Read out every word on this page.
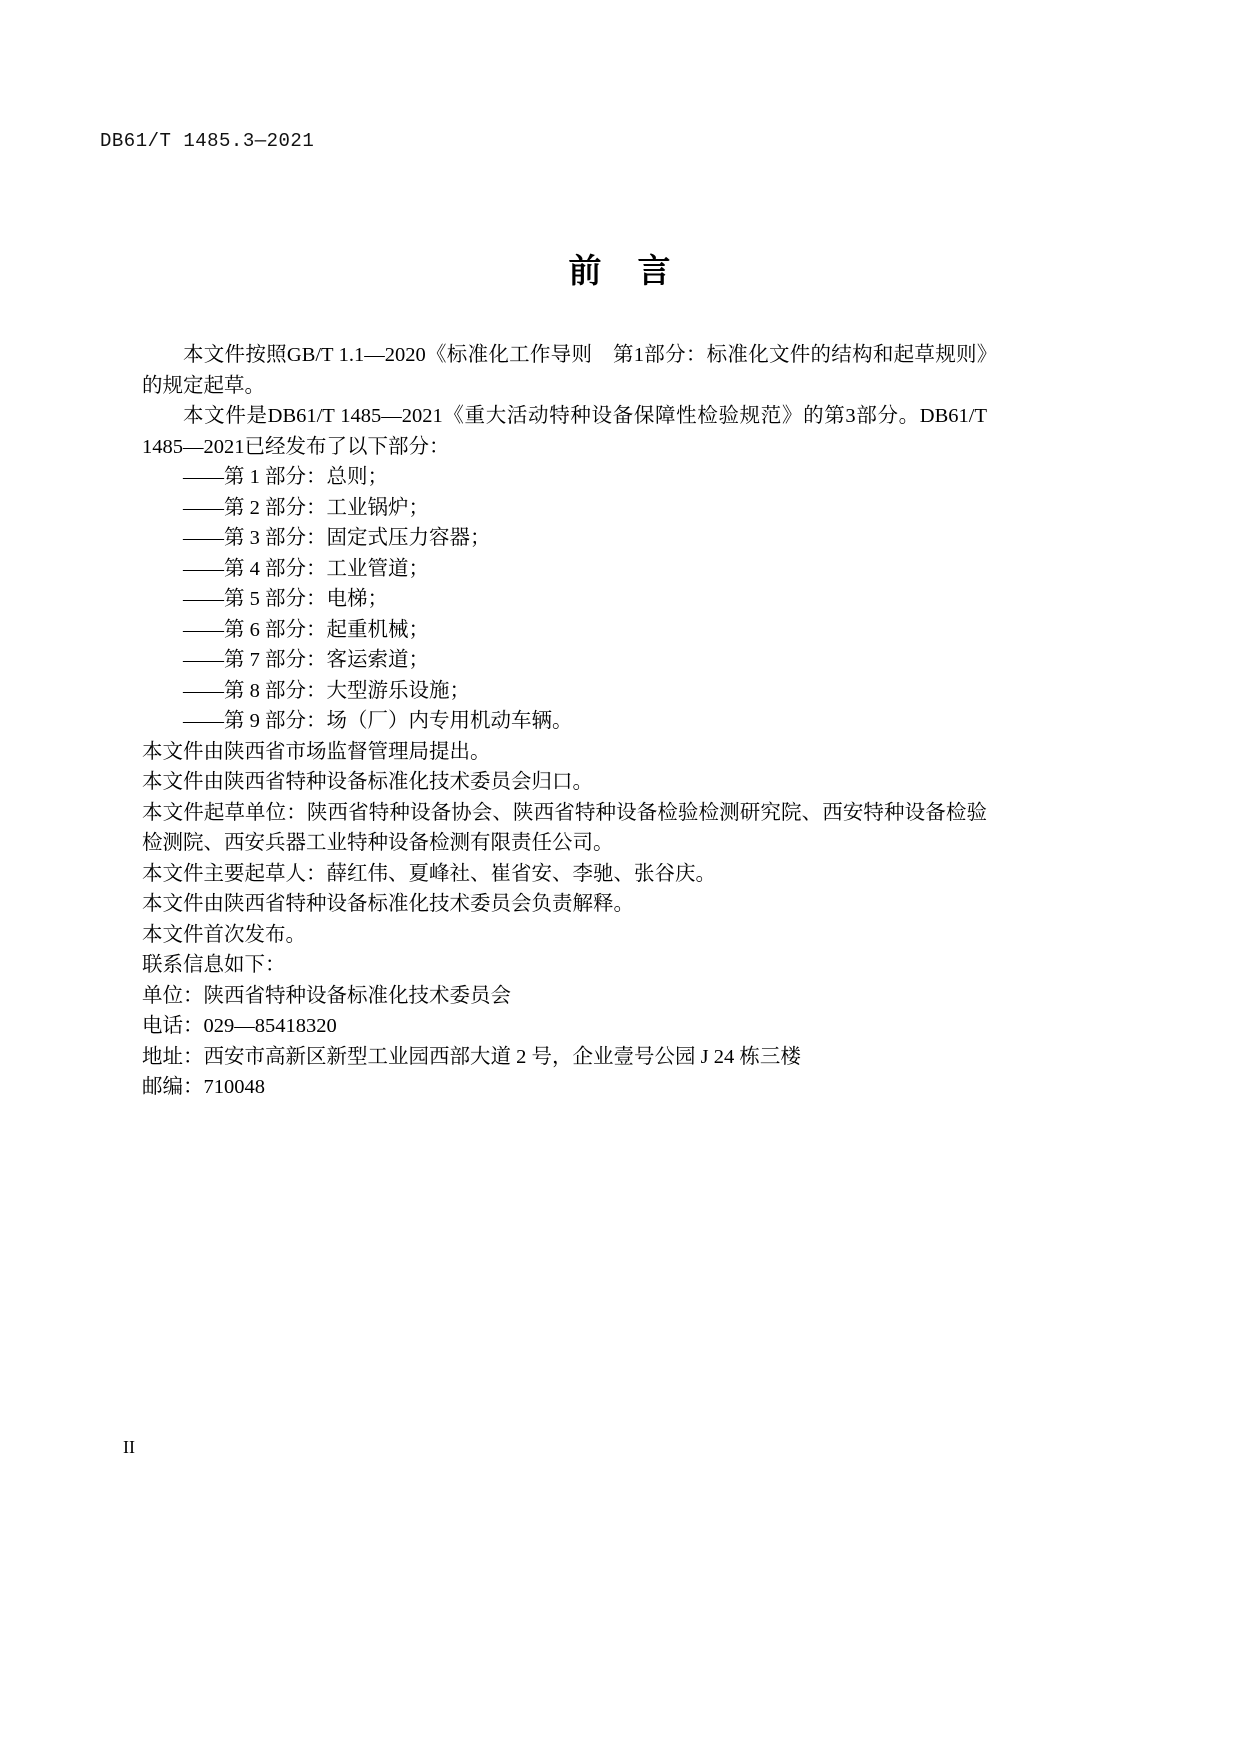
DB61/T 1485.3—2021
前 言

本文件按照GB/T 1.1—2020《标准化工作导则　第1部分：标准化文件的结构和起草规则》的规定起草。

本文件是DB61/T 1485—2021《重大活动特种设备保障性检验规范》的第3部分。DB61/T 1485—2021已经发布了以下部分：

——第 1 部分：总则；

——第 2 部分：工业锅炉；

——第 3 部分：固定式压力容器；

——第 4 部分：工业管道；

——第 5 部分：电梯；

——第 6 部分：起重机械；

——第 7 部分：客运索道；

——第 8 部分：大型游乐设施；

——第 9 部分：场（厂）内专用机动车辆。

本文件由陕西省市场监督管理局提出。

本文件由陕西省特种设备标准化技术委员会归口。

本文件起草单位：陕西省特种设备协会、陕西省特种设备检验检测研究院、西安特种设备检验检测院、西安兵器工业特种设备检测有限责任公司。

本文件主要起草人：薛红伟、夏峰社、崔省安、李驰、张谷庆。

本文件由陕西省特种设备标准化技术委员会负责解释。

本文件首次发布。

联系信息如下：

单位：陕西省特种设备标准化技术委员会

电话：029—85418320

地址：西安市高新区新型工业园西部大道 2 号，企业壹号公园 J 24 栋三楼

邮编：710048

II
